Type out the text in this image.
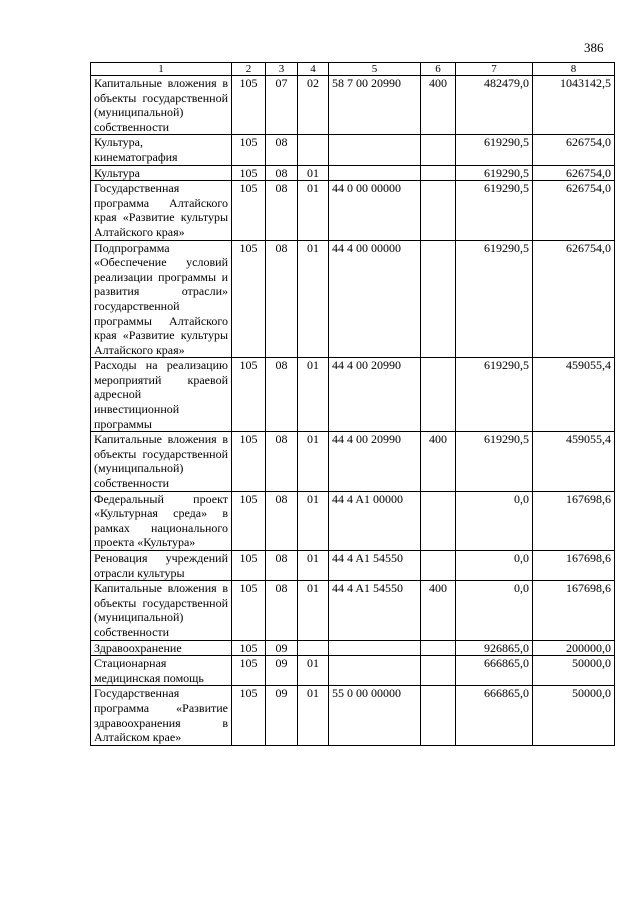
386
1	2	3	4	5	6	7	8
Капитальные вложения в объекты государственной (муниципальной) собственности	105	07	02	58 7 00 20990	400	482479,0	1043142,5
Культура, кинематография	105	08				619290,5	626754,0
Культура	105	08	01			619290,5	626754,0
Государственная программа Алтайского края «Развитие культуры Алтайского края»	105	08	01	44 0 00 00000		619290,5	626754,0
Подпрограмма «Обеспечение условий реализации программы и развития отрасли» государственной программы Алтайского края «Развитие культуры Алтайского края»	105	08	01	44 4 00 00000		619290,5	626754,0
Расходы на реализацию мероприятий краевой адресной инвестиционной программы	105	08	01	44 4 00 20990		619290,5	459055,4
Капитальные вложения в объекты государственной (муниципальной) собственности	105	08	01	44 4 00 20990	400	619290,5	459055,4
Федеральный проект «Культурная среда» в рамках национального проекта «Культура»	105	08	01	44 4 A1 00000		0,0	167698,6
Реновация учреждений отрасли культуры	105	08	01	44 4 A1 54550		0,0	167698,6
Капитальные вложения в объекты государственной (муниципальной) собственности	105	08	01	44 4 A1 54550	400	0,0	167698,6
Здравоохранение	105	09				926865,0	200000,0
Стационарная медицинская помощь	105	09	01			666865,0	50000,0
Государственная программа «Развитие здравоохранения в Алтайском крае»	105	09	01	55 0 00 00000		666865,0	50000,0
